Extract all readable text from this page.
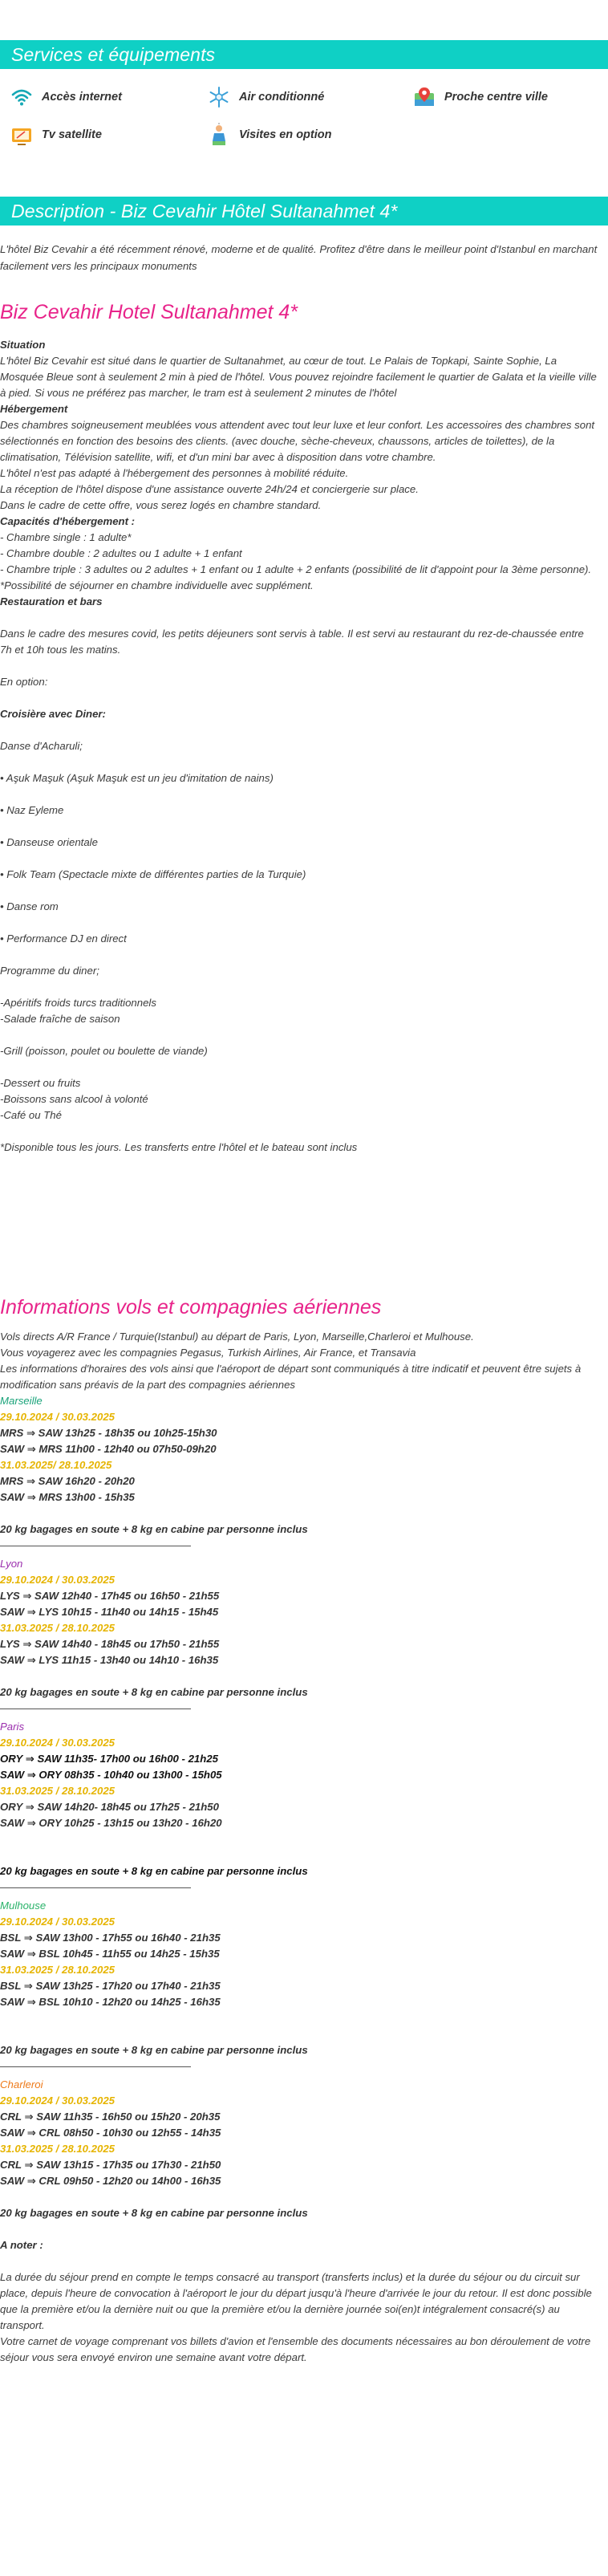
Services et équipements
Accès internet	Air conditionné	Proche centre ville
Tv satellite	Visites en option
Description - Biz Cevahir Hôtel Sultanahmet 4*
L'hôtel Biz Cevahir a été récemment rénové, moderne et de qualité. Profitez d'être dans le meilleur point d'Istanbul en marchant facilement vers les principaux monuments
Biz Cevahir Hotel Sultanahmet 4*

Situation

L'hôtel Biz Cevahir est situé dans le quartier de Sultanahmet, au cœur de tout. Le Palais de Topkapi, Sainte Sophie, La Mosquée Bleue sont à seulement 2 min à pied de l'hôtel. Vous pouvez rejoindre facilement le quartier de Galata et la vieille ville à pied. Si vous ne préférez pas marcher, le tram est à seulement 2 minutes de l'hôtel

Hébergement

Des chambres soigneusement meublées vous attendent avec tout leur luxe et leur confort. Les accessoires des chambres sont sélectionnés en fonction des besoins des clients. (avec douche, sèche-cheveux, chaussons, articles de toilettes), de la climatisation, Télévision satellite, wifi, et d'un mini bar avec à disposition dans votre chambre.

L'hôtel n'est pas adapté à l'hébergement des personnes à mobilité réduite.

La réception de l'hôtel dispose d'une assistance ouverte 24h/24 et conciergerie sur place.

Dans le cadre de cette offre, vous serez logés en chambre standard.

Capacités d'hébergement :

- Chambre single : 1 adulte*

- Chambre double : 2 adultes ou 1 adulte + 1 enfant

- Chambre triple : 3 adultes ou 2 adultes + 1 enfant ou 1 adulte + 2 enfants (possibilité de lit d'appoint pour la 3ème personne).

*Possibilité de séjourner en chambre individuelle avec supplément.

Restauration et bars

Dans le cadre des mesures covid, les petits déjeuners sont servis à table. Il est servi au restaurant du rez-de-chaussée entre 7h et 10h tous les matins.

En option:

Croisière avec Diner:

Danse d'Acharuli;

• Aşuk Maşuk (Aşuk Maşuk est un jeu d'imitation de nains)

• Naz Eyleme

• Danseuse orientale

• Folk Team (Spectacle mixte de différentes parties de la Turquie)

• Danse rom

• Performance DJ en direct

Programme du diner;

-Apéritifs froids turcs traditionnels

-Salade fraîche de saison

-Grill (poisson, poulet ou boulette de viande)

-Dessert ou fruits

-Boissons sans alcool à volonté

-Café ou Thé

*Disponible tous les jours. Les transferts entre l'hôtel et le bateau sont inclus

Informations vols et compagnies aériennes

Vols directs A/R France / Turquie(Istanbul) au départ de Paris, Lyon, Marseille,Charleroi et Mulhouse.

Vous voyagerez avec les compagnies Pegasus, Turkish Airlines, Air France, et Transavia

Les informations d'horaires des vols ainsi que l'aéroport de départ sont communiqués à titre indicatif et peuvent être sujets à modification sans préavis de la part des compagnies aériennes

Marseille

29.10.2024 / 30.03.2025

MRS ⇒ SAW 13h25 - 18h35 ou 10h25-15h30

SAW ⇒ MRS 11h00 - 12h40 ou 07h50-09h20

31.03.2025/ 28.10.2025

MRS ⇒ SAW 16h20 - 20h20

SAW ⇒ MRS 13h00 - 15h35

20 kg bagages en soute + 8 kg en cabine par personne inclus

Lyon

29.10.2024 / 30.03.2025

LYS ⇒ SAW 12h40 - 17h45 ou 16h50 - 21h55

SAW ⇒ LYS 10h15 - 11h40 ou 14h15 - 15h45

31.03.2025 / 28.10.2025

LYS ⇒ SAW 14h40 - 18h45 ou 17h50 - 21h55

SAW ⇒ LYS 11h15 - 13h40 ou 14h10 - 16h35

20 kg bagages en soute + 8 kg en cabine par personne inclus

Paris

29.10.2024 / 30.03.2025

ORY ⇒ SAW 11h35- 17h00 ou 16h00 - 21h25

SAW ⇒ ORY 08h35 - 10h40 ou 13h00 - 15h05

31.03.2025 / 28.10.2025

ORY ⇒ SAW 14h20- 18h45 ou 17h25 - 21h50

SAW ⇒ ORY 10h25 - 13h15 ou 13h20 - 16h20

20 kg bagages en soute + 8 kg en cabine par personne inclus

Mulhouse

29.10.2024 / 30.03.2025

BSL ⇒ SAW 13h00 - 17h55 ou 16h40 - 21h35

SAW ⇒ BSL 10h45 - 11h55 ou 14h25 - 15h35

31.03.2025 / 28.10.2025

BSL ⇒ SAW 13h25 - 17h20 ou 17h40 - 21h35

SAW ⇒ BSL 10h10 - 12h20 ou 14h25 - 16h35

20 kg bagages en soute + 8 kg en cabine par personne inclus

Charleroi

29.10.2024 / 30.03.2025

CRL ⇒ SAW 11h35 - 16h50 ou 15h20 - 20h35

SAW ⇒ CRL 08h50 - 10h30 ou 12h55 - 14h35

31.03.2025 / 28.10.2025

CRL ⇒ SAW 13h15 - 17h35 ou 17h30 - 21h50

SAW ⇒ CRL 09h50 - 12h20 ou 14h00 - 16h35

20 kg bagages en soute + 8 kg en cabine par personne inclus

A noter :

La durée du séjour prend en compte le temps consacré au transport (transferts inclus) et la durée du séjour ou du circuit sur place, depuis l'heure de convocation à l'aéroport le jour du départ jusqu'à l'heure d'arrivée le jour du retour. Il est donc possible que la première et/ou la dernière nuit ou que la première et/ou la dernière journée soi(en)t intégralement consacré(s) au transport.

Votre carnet de voyage comprenant vos billets d'avion et l'ensemble des documents nécessaires au bon déroulement de votre séjour vous sera envoyé environ une semaine avant votre départ.
